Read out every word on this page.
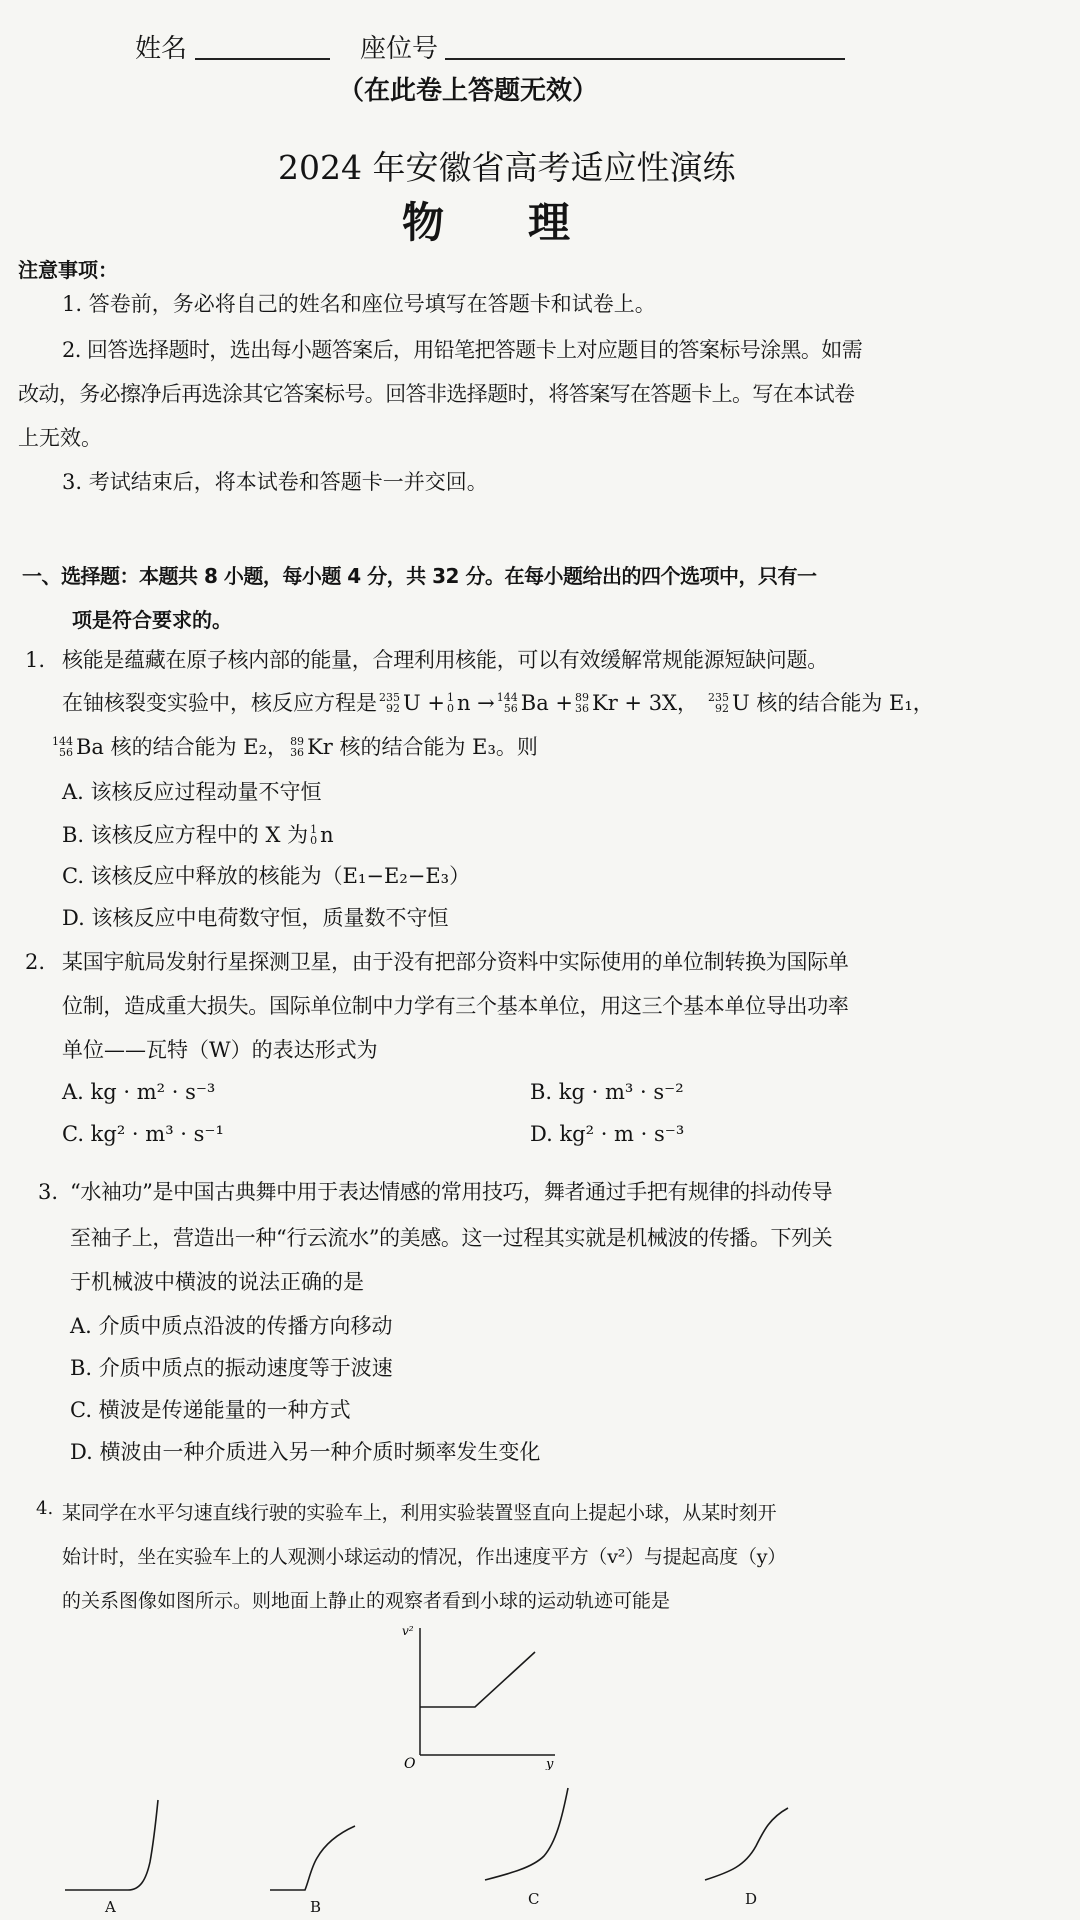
姓名	座位号
（在此卷上答题无效）
2024 年安徽省高考适应性演练
物　　理
注意事项：
1. 答卷前，务必将自己的姓名和座位号填写在答题卡和试卷上。
2. 回答选择题时，选出每小题答案后，用铅笔把答题卡上对应题目的答案标号涂黑。如需
改动，务必擦净后再选涂其它答案标号。回答非选择题时，将答案写在答题卡上。写在本试卷
上无效。
3. 考试结束后，将本试卷和答题卡一并交回。
一、选择题：本题共 8 小题，每小题 4 分，共 32 分。在每小题给出的四个选项中，只有一
项是符合要求的。
1. 核能是蕴藏在原子核内部的能量，合理利用核能，可以有效缓解常规能源短缺问题。
在铀核裂变实验中，核反应方程是 235
92 U + 1
0 n → 144
56 Ba + 89
36 Kr + 3X， 235
92 U 核的结合能为 E₁，
144
56 Ba 核的结合能为 E₂， 89
36 Kr 核的结合能为 E₃。则
A. 该核反应过程动量不守恒
B. 该核反应方程中的 X 为 1
0 n
C. 该核反应中释放的核能为（E₁−E₂−E₃）
D. 该核反应中电荷数守恒，质量数不守恒
2. 某国宇航局发射行星探测卫星，由于没有把部分资料中实际使用的单位制转换为国际单
位制，造成重大损失。国际单位制中力学有三个基本单位，用这三个基本单位导出功率
单位——瓦特（W）的表达形式为
A. kg · m² · s⁻³	B. kg · m³ · s⁻²
C. kg² · m³ · s⁻¹	D. kg² · m · s⁻³
3. “水袖功”是中国古典舞中用于表达情感的常用技巧，舞者通过手把有规律的抖动传导
至袖子上，营造出一种“行云流水”的美感。这一过程其实就是机械波的传播。下列关
于机械波中横波的说法正确的是
A. 介质中质点沿波的传播方向移动
B. 介质中质点的振动速度等于波速
C. 横波是传递能量的一种方式
D. 横波由一种介质进入另一种介质时频率发生变化
4. 某同学在水平匀速直线行驶的实验车上，利用实验装置竖直向上提起小球，从某时刻开
始计时，坐在实验车上的人观测小球运动的情况，作出速度平方（v²）与提起高度（y）
的关系图像如图所示。则地面上静止的观察者看到小球的运动轨迹可能是
v²
y
O
A	B	C	D
